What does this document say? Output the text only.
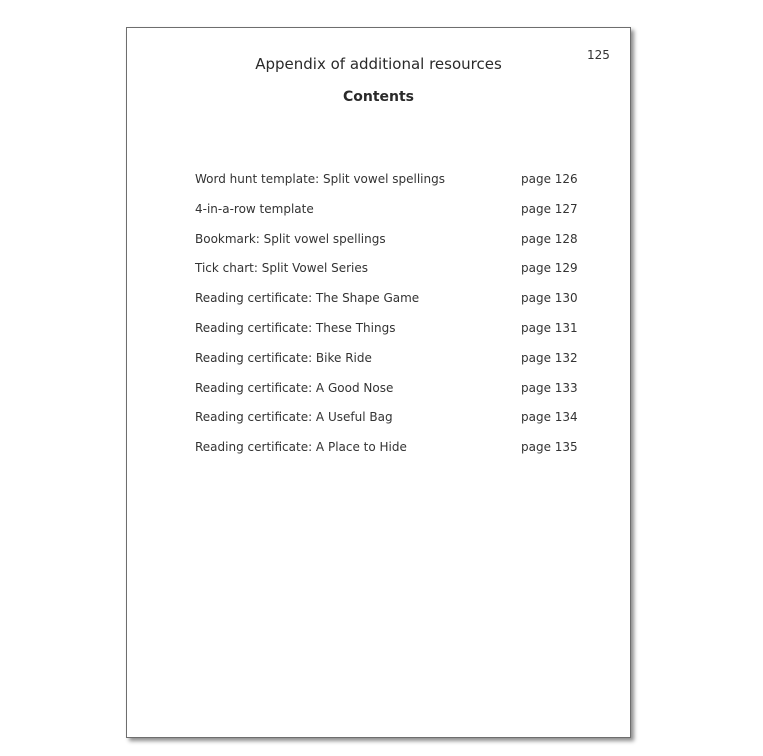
125
Appendix of additional resources
Contents
Word hunt template: Split vowel spellings	page 126
4-in-a-row template	page 127
Bookmark: Split vowel spellings	page 128
Tick chart: Split Vowel Series	page 129
Reading certificate: The Shape Game	page 130
Reading certificate: These Things	page 131
Reading certificate: Bike Ride	page 132
Reading certificate: A Good Nose	page 133
Reading certificate: A Useful Bag	page 134
Reading certificate: A Place to Hide	page 135
